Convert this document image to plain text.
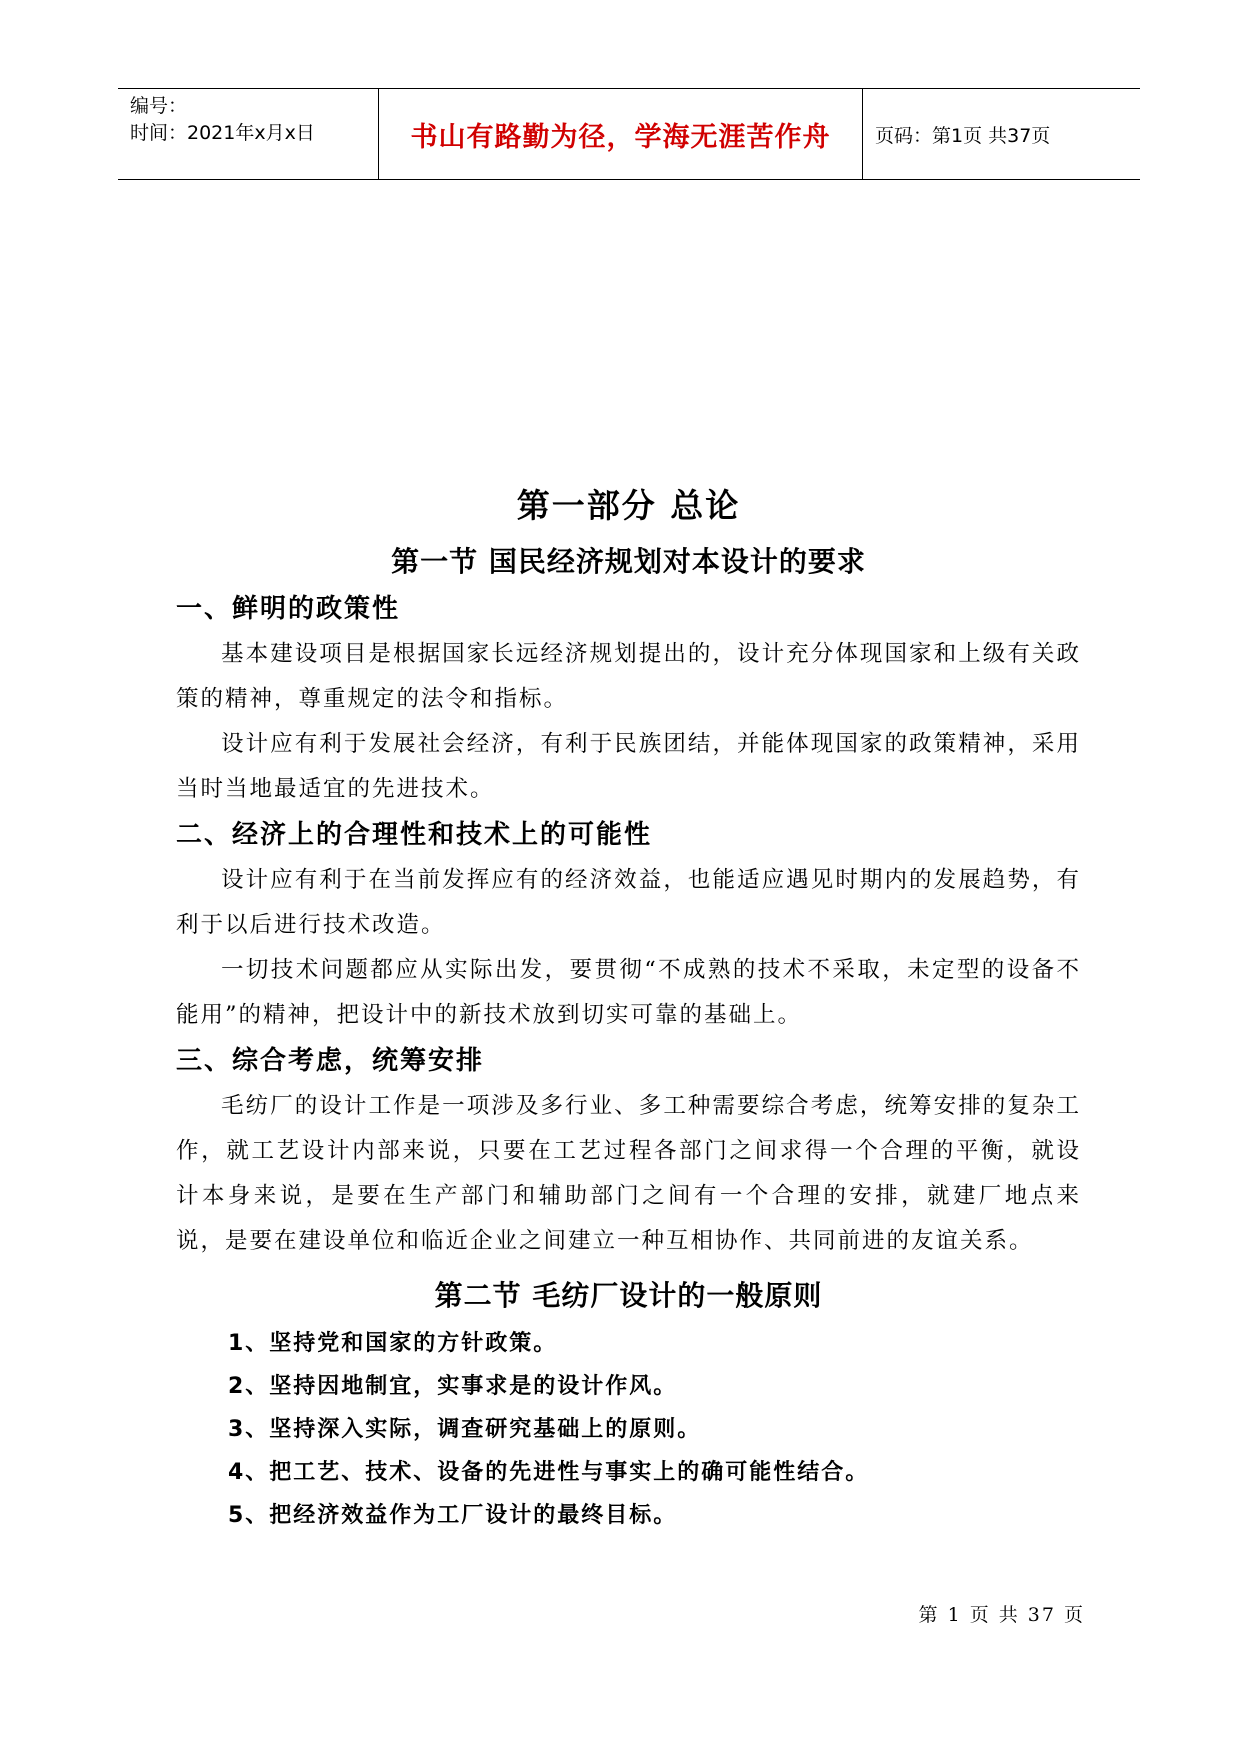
编号：
时间：2021年x月x日	书山有路勤为径，学海无涯苦作舟 页码：第1页 共37页
第一部分 总论
第一节 国民经济规划对本设计的要求
一、鲜明的政策性

基本建设项目是根据国家长远经济规划提出的，设计充分体现国家和上级有关政策的精神，尊重规定的法令和指标。

设计应有利于发展社会经济，有利于民族团结，并能体现国家的政策精神，采用当时当地最适宜的先进技术。

二、经济上的合理性和技术上的可能性

设计应有利于在当前发挥应有的经济效益，也能适应遇见时期内的发展趋势，有利于以后进行技术改造。

一切技术问题都应从实际出发，要贯彻“不成熟的技术不采取，未定型的设备不能用”的精神，把设计中的新技术放到切实可靠的基础上。

三、综合考虑，统筹安排

毛纺厂的设计工作是一项涉及多行业、多工种需要综合考虑，统筹安排的复杂工作，就工艺设计内部来说，只要在工艺过程各部门之间求得一个合理的平衡，就设计本身来说，是要在生产部门和辅助部门之间有一个合理的安排，就建厂地点来说，是要在建设单位和临近企业之间建立一种互相协作、共同前进的友谊关系。

第二节 毛纺厂设计的一般原则
1、坚持党和国家的方针政策。
2、坚持因地制宜，实事求是的设计作风。
3、坚持深入实际，调查研究基础上的原则。
4、把工艺、技术、设备的先进性与事实上的确可能性结合。
5、把经济效益作为工厂设计的最终目标。
第 1 页 共 37 页
